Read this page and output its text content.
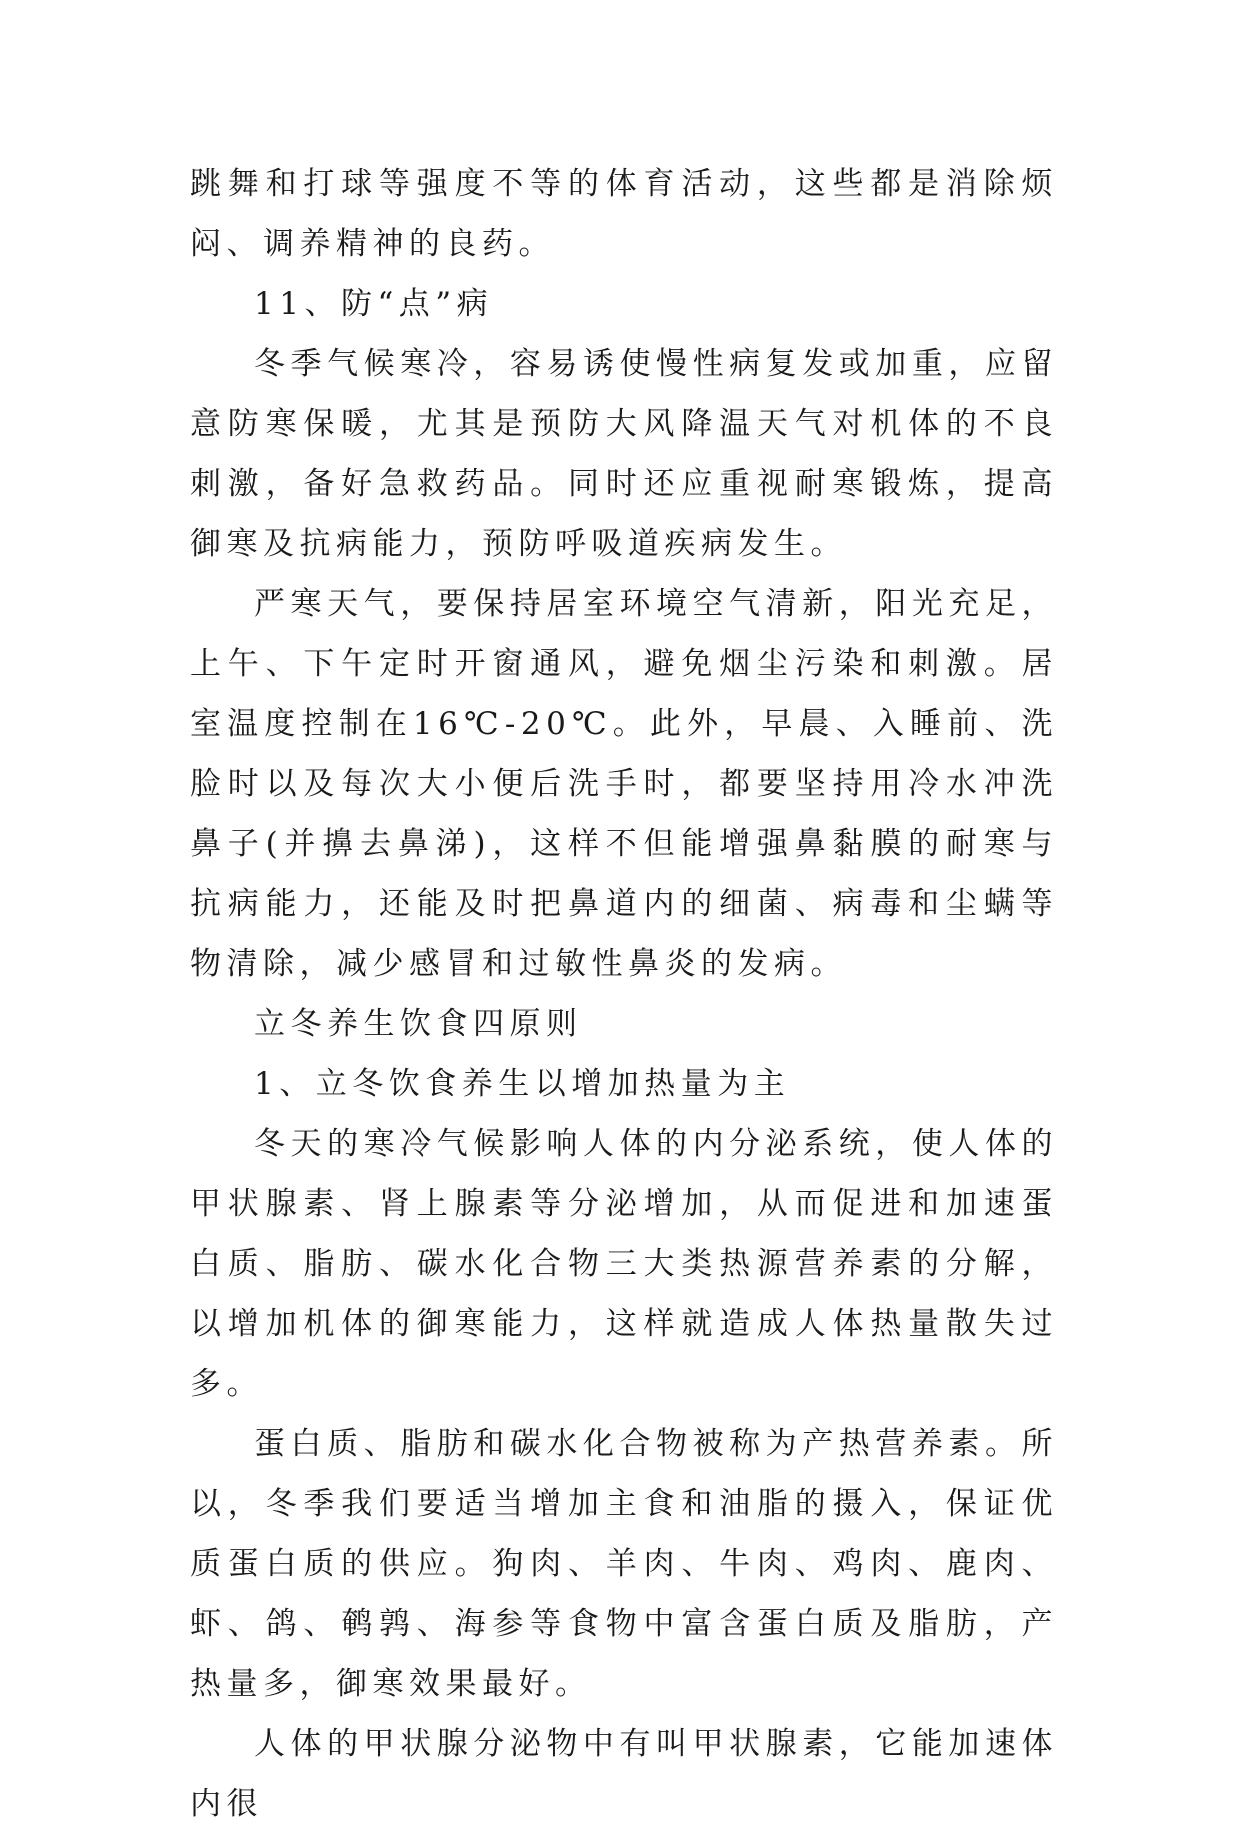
跳舞和打球等强度不等的体育活动，这些都是消除烦闷、调养精神的良药。

11、防“点”病

冬季气候寒冷，容易诱使慢性病复发或加重，应留意防寒保暖，尤其是预防大风降温天气对机体的不良刺激，备好急救药品。同时还应重视耐寒锻炼，提高御寒及抗病能力，预防呼吸道疾病发生。

严寒天气，要保持居室环境空气清新，阳光充足，上午、下午定时开窗通风，避免烟尘污染和刺激。居室温度控制在16℃-20℃。此外，早晨、入睡前、洗脸时以及每次大小便后洗手时，都要坚持用冷水冲洗鼻子(并擤去鼻涕)，这样不但能增强鼻黏膜的耐寒与抗病能力，还能及时把鼻道内的细菌、病毒和尘螨等物清除，减少感冒和过敏性鼻炎的发病。

立冬养生饮食四原则

1、立冬饮食养生以增加热量为主

冬天的寒冷气候影响人体的内分泌系统，使人体的甲状腺素、肾上腺素等分泌增加，从而促进和加速蛋白质、脂肪、碳水化合物三大类热源营养素的分解，以增加机体的御寒能力，这样就造成人体热量散失过多。

蛋白质、脂肪和碳水化合物被称为产热营养素。所以，冬季我们要适当增加主食和油脂的摄入，保证优质蛋白质的供应。狗肉、羊肉、牛肉、鸡肉、鹿肉、虾、鸽、鹌鹑、海参等食物中富含蛋白质及脂肪，产热量多，御寒效果最好。

人体的甲状腺分泌物中有叫甲状腺素，它能加速体内很
